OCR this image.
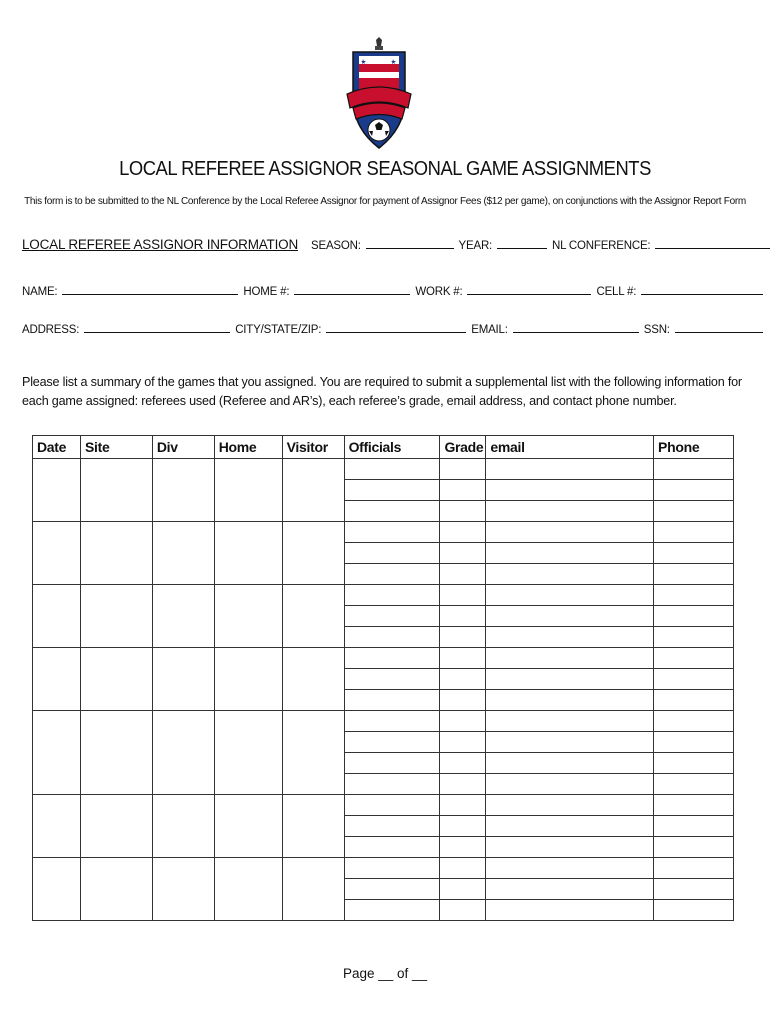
LOCAL REFEREE ASSIGNOR SEASONAL GAME ASSIGNMENTS
This form is to be submitted to the NL Conference by the Local Referee Assignor for payment of Assignor Fees ($12 per game), on conjunctions with the Assignor Report Form
LOCAL REFEREE ASSIGNOR INFORMATION SEASON:	YEAR:	NL CONFERENCE:
NAME:	HOME #:	WORK #:	CELL #:
ADDRESS:	CITY/STATE/ZIP:	EMAIL:	SSN:
Please list a summary of the games that you assigned. You are required to submit a supplemental list with the following information for each game assigned: referees used (Referee and AR’s), each referee’s grade, email address, and contact phone number.
Date	Site	Div	Home	Visitor	Officials	Grade	email	Phone

Page __ of __
